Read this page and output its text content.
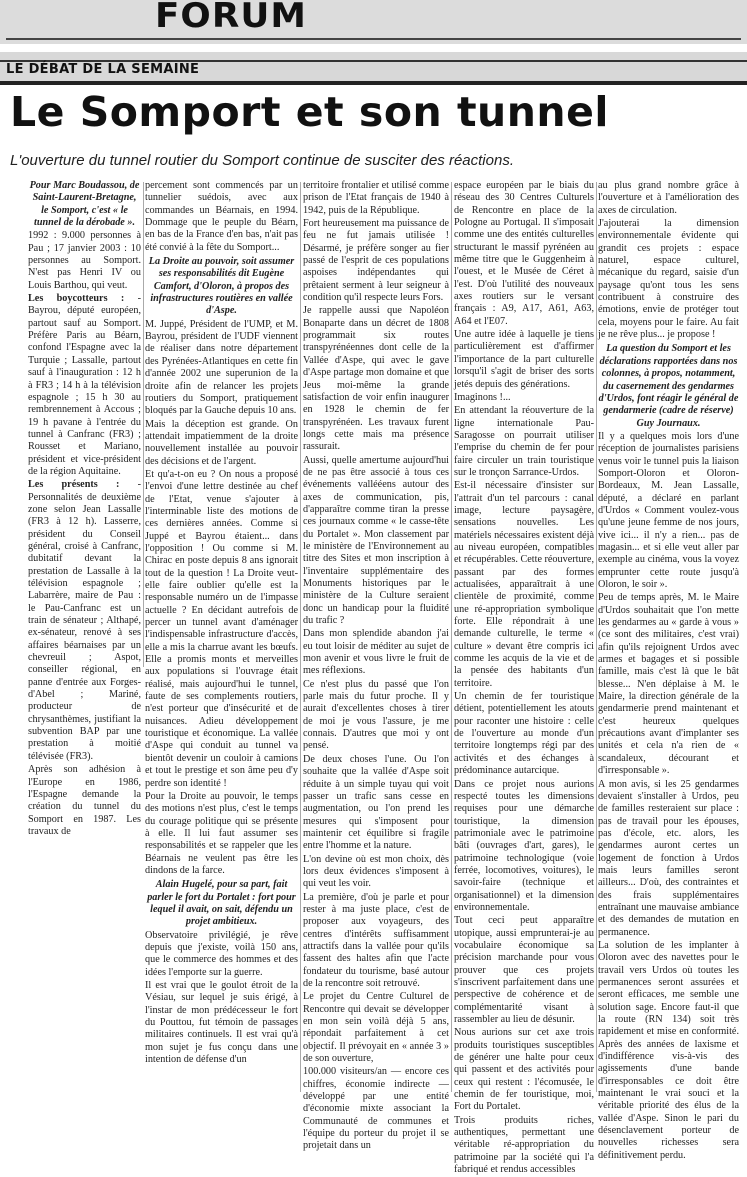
FORUM
LE DÉBAT DE LA SEMAINE
Le Somport et son tunnel
L'ouverture du tunnel routier du Somport continue de susciter des réactions.

Pour Marc Boudassou, de Saint-Laurent-Bretagne, le Somport, c'est « le tunnel de la dérobade ».

1992 : 9.000 personnes à Pau ; 17 janvier 2003 : 10 personnes au Somport. N'est pas Henri IV ou Louis Barthou, qui veut.

Les boycotteurs : - Bayrou, député européen, partout sauf au Somport. Préfère Paris au Béarn, confond l'Espagne avec la Turquie ; Lassalle, partout sauf à l'inauguration : 12 h à FR3 ; 14 h à la télévision espagnole ; 15 h 30 au rembrennement à Accous ; 19 h pavane à l'entrée du tunnel à Canfranc (FR3) ; Rousset et Mariano, président et vice-président de la région Aquitaine.

Les présents : - Personnalités de deuxième zone selon Jean Lassalle (FR3 à 12 h). Lasserre, président du Conseil général, croisé à Canfranc, dubitatif devant la prestation de Lassalle à la télévision espagnole ; Labarrère, maire de Pau : le Pau-Canfranc est un train de sénateur ; Althapé, ex-sénateur, renové à ses affaires béarnaises par un chevreuil ; Aspot, conseiller régional, en panne d'entrée aux Forges-d'Abel ; Mariné, producteur de chrysanthèmes, justifiant la subvention BAP par une prestation à moitié télévisée (FR3).

Après son adhésion à l'Europe en 1986, l'Espagne demande la création du tunnel du Somport en 1987. Les travaux de

percement sont commencés par un tunnelier suédois, avec aux commandes un Béarnais, en 1994. Dommage que le peuple du Béarn, en bas de la France d'en bas, n'ait pas été convié à la fête du Somport...

La Droite au pouvoir, soit assumer ses responsabilités dit Eugène Camfort, d'Oloron, à propos des infrastructures routières en vallée d'Aspe.

M. Juppé, Président de l'UMP, et M. Bayrou, président de l'UDF viennent de réaliser dans notre département des Pyrénées-Atlantiques en cette fin d'année 2002 une superunion de la droite afin de relancer les projets routiers du Somport, pratiquement bloqués par la Gauche depuis 10 ans.

Mais la déception est grande. On attendait impatiemment de la droite nouvellement installée au pouvoir des décisions et de l'argent.

Et qu'a-t-on eu ? On nous a proposé l'envoi d'une lettre destinée au chef de l'Etat, venue s'ajouter à l'interminable liste des motions de ces dernières années. Comme si Juppé et Bayrou étaient... dans l'opposition ! Ou comme si M. Chirac en poste depuis 8 ans ignorait tout de la question ! La Droite veut-elle faire oublier qu'elle est la responsable numéro un de l'impasse actuelle ? En décidant autrefois de percer un tunnel avant d'aménager l'indispensable infrastructure d'accès, elle a mis la charrue avant les bœufs. Elle a promis monts et merveilles aux populations si l'ouvrage était réalisé, mais aujourd'hui le tunnel, faute de ses complements routiers, n'est porteur que d'insécurité et de nuisances. Adieu développement touristique et économique. La vallée d'Aspe qui conduit au tunnel va bientôt devenir un couloir à camions et tout le prestige et son âme peu d'y perdre son identité !

Pour la Droite au pouvoir, le temps des motions n'est plus, c'est le temps du courage politique qui se présente à elle. Il lui faut assumer ses responsabilités et se rappeler que les Béarnais ne veulent pas être les dindons de la farce.

Alain Hugelé, pour sa part, fait parler le fort du Portalet : fort pour lequel il avait, on sait, défendu un projet ambitieux.

Observatoire privilégié, je rêve depuis que j'existe, voilà 150 ans, que le commerce des hommes et des idées l'emporte sur la guerre.

Il est vrai que le goulot étroit de la Vésiau, sur lequel je suis érigé, à l'instar de mon prédécesseur le fort du Pouttou, fut témoin de passages militaires continuels. Il est vrai qu'à mon sujet je fus conçu dans une intention de défense d'un

territoire frontalier et utilisé comme prison de l'Etat français de 1940 à 1942, puis de la République.

Fort heureusement ma puissance de feu ne fut jamais utilisée ! Désarmé, je préfère songer au fier passé de l'esprit de ces populations aspoises indépendantes qui prêtaient serment à leur seigneur à condition qu'il respecte leurs Fors.

Je rappelle aussi que Napoléon Bonaparte dans un décret de 1808 programmait six routes transpyrénéennes dont celle de la Vallée d'Aspe, qui avec le gave d'Aspe partage mon domaine et que Jeus moi-même la grande satisfaction de voir enfin inaugurer en 1928 le chemin de fer transpyrénéen. Les travaux furent longs cette mais ma présence rassurait.

Aussi, quelle amertume aujourd'hui de ne pas être associé à tous ces événements vallééens autour des axes de communication, pis, d'apparaître comme tiran la presse ces journaux comme « le casse-tête du Portalet ». Mon classement par le ministère de l'Environnement au titre des Sites et mon inscription à l'inventaire supplémentaire des Monuments historiques par le ministère de la Culture seraient donc un handicap pour la fluidité du trafic ?

Dans mon splendide abandon j'ai eu tout loisir de méditer au sujet de mon avenir et vous livre le fruit de mes réflexions.

Ce n'est plus du passé que l'on parle mais du futur proche. Il y aurait d'excellentes choses à tirer de moi je vous l'assure, je me connais. D'autres que moi y ont pensé.

De deux choses l'une. Ou l'on souhaite que la vallée d'Aspe soit réduite à un simple tuyau qui voit passer un trafic sans cesse en augmentation, ou l'on prend les mesures qui s'imposent pour maintenir cet équilibre si fragile entre l'homme et la nature.

L'on devine où est mon choix, dès lors deux évidences s'imposent à qui veut les voir.

La première, d'où je parle et pour rester à ma juste place, c'est de proposer aux voyageurs, des centres d'intérêts suffisamment attractifs dans la vallée pour qu'ils fassent des haltes afin que l'acte fondateur du tourisme, basé autour de la rencontre soit retrouvé.

Le projet du Centre Culturel de Rencontre qui devait se développer en mon sein voilà déjà 5 ans, répondait parfaitement à cet objectif. Il prévoyait en « année 3 » de son ouverture,

100.000 visiteurs/an — encore ces chiffres, économie indirecte — développé par une entité d'économie mixte associant la Communauté de communes et l'équipe du porteur du projet il se projetait dans un

espace européen par le biais du réseau des 30 Centres Culturels de Rencontre en place de la Pologne au Portugal. Il s'imposait comme une des entités culturelles structurant le massif pyrénéen au même titre que le Guggenheim à l'ouest, et le Musée de Céret à l'est. D'où l'utilité des nouveaux axes routiers sur le versant français : A9, A17, A61, A63, A64 et l'E07.

Une autre idée à laquelle je tiens particulièrement est d'affirmer l'importance de la part culturelle lorsqu'il s'agit de briser des sorts jetés depuis des générations.

Imaginons !...

En attendant la réouverture de la ligne internationale Pau-Saragosse on pourrait utiliser l'emprise du chemin de fer pour faire circuler un train touristique sur le tronçon Sarrance-Urdos.

Est-il nécessaire d'insister sur l'attrait d'un tel parcours : canal image, lecture paysagère, sensations nouvelles. Les matériels nécessaires existent déjà au niveau européen, compatibles et récupérables. Cette réouverture, passant par des formes actualisées, apparaîtrait à une clientèle de proximité, comme une ré-appropriation symbolique forte. Elle répondrait à une demande culturelle, le terme « culture » devant être compris ici comme les acquis de la vie et de la pensée des habitants d'un territoire.

Un chemin de fer touristique détient, potentiellement les atouts pour raconter une histoire : celle de l'ouverture au monde d'un territoire longtemps régi par des activités et des échanges à prédominance autarcique.

Dans ce projet nous aurions respecté toutes les dimensions requises pour une démarche touristique, la dimension patrimoniale avec le patrimoine bâti (ouvrages d'art, gares), le patrimoine technologique (voie ferrée, locomotives, voitures), le savoir-faire (technique et organisationnel) et la dimension environnementale.

Tout ceci peut apparaître utopique, aussi emprunterai-je au vocabulaire économique sa précision marchande pour vous prouver que ces projets s'inscrivent parfaitement dans une perspective de cohérence et de complémentarité visant à rassembler au lieu de désunir.

Nous aurions sur cet axe trois produits touristiques susceptibles de générer une halte pour ceux qui passent et des activités pour ceux qui restent : l'écomusée, le chemin de fer touristique, moi, Fort du Portalet.

Trois produits riches, authentiques, permettant une véritable ré-appropriation du patrimoine par la société qui l'a fabriqué et rendus accessibles

au plus grand nombre grâce à l'ouverture et à l'amélioration des axes de circulation.

J'ajouterai la dimension environnementale évidente qui grandit ces projets : espace naturel, espace culturel, mécanique du regard, saisie d'un paysage qu'ont tous les sens contribuent à construire des émotions, envie de protéger tout cela, moyens pour le faire. Au fait je ne rêve plus... je propose !

La question du Somport et les déclarations rapportées dans nos colonnes, à propos, notamment, du casernement des gendarmes d'Urdos, font réagir le général de gendarmerie (cadre de réserve) Guy Journaux.

Il y a quelques mois lors d'une réception de journalistes parisiens venus voir le tunnel puis la liaison Somport-Oloron et Oloron-Bordeaux, M. Jean Lassalle, député, a déclaré en parlant d'Urdos « Comment voulez-vous qu'une jeune femme de nos jours, vive ici... il n'y a rien... pas de magasin... et si elle veut aller par exemple au cinéma, vous la voyez emprunter cette route jusqu'à Oloron, le soir ».

Peu de temps après, M. le Maire d'Urdos souhaitait que l'on mette les gendarmes au « garde à vous » (ce sont des militaires, c'est vrai) afin qu'ils rejoignent Urdos avec armes et bagages et si possible famille, mais c'est là que le bât blesse... N'en déplaise à M. le Maire, la direction générale de la gendarmerie prend maintenant et c'est heureux quelques précautions avant d'implanter ses unités et cela n'a rien de « scandaleux, décourant et d'irresponsable ».

A mon avis, si les 25 gendarmes devaient s'installer à Urdos, peu de familles resteraient sur place : pas de travail pour les épouses, pas d'école, etc. alors, les gendarmes auront certes un logement de fonction à Urdos mais leurs familles seront ailleurs... D'où, des contraintes et des frais supplémentaires entraînant une mauvaise ambiance et des demandes de mutation en permanence.

La solution de les implanter à Oloron avec des navettes pour le travail vers Urdos où toutes les permanences seront assurées et seront efficaces, me semble une solution sage. Encore faut-il que la route (RN 134) soit très rapidement et mise en conformité. Après des années de laxisme et d'indifférence vis-à-vis des agissements d'une bande d'irresponsables ce doit être maintenant le vrai souci et la véritable priorité des élus de la vallée d'Aspe. Sinon le pari du désenclavement porteur de nouvelles richesses sera définitivement perdu.
